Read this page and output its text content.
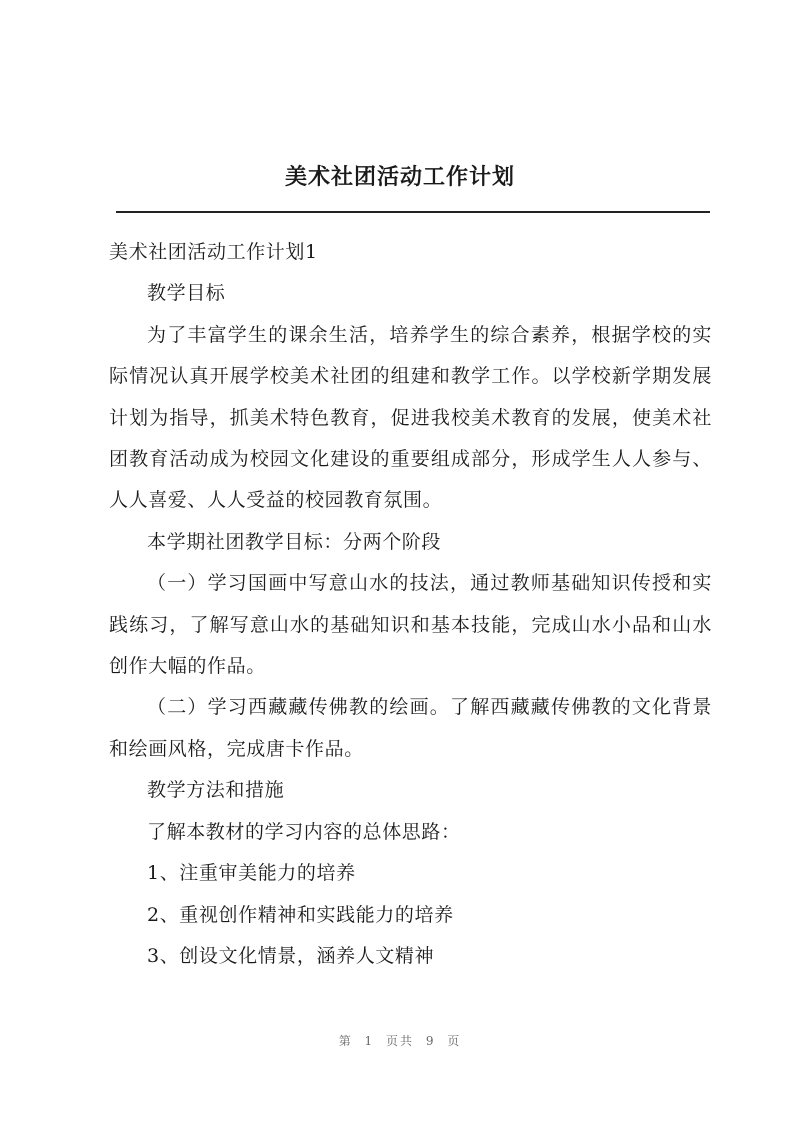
美术社团活动工作计划

美术社团活动工作计划1

教学目标

为了丰富学生的课余生活，培养学生的综合素养，根据学校的实际情况认真开展学校美术社团的组建和教学工作。以学校新学期发展计划为指导，抓美术特色教育，促进我校美术教育的发展，使美术社团教育活动成为校园文化建设的重要组成部分，形成学生人人参与、人人喜爱、人人受益的校园教育氛围。

本学期社团教学目标：分两个阶段

（一）学习国画中写意山水的技法，通过教师基础知识传授和实践练习，了解写意山水的基础知识和基本技能，完成山水小品和山水创作大幅的作品。

（二）学习西藏藏传佛教的绘画。了解西藏藏传佛教的文化背景和绘画风格，完成唐卡作品。

教学方法和措施

了解本教材的学习内容的总体思路：

1、注重审美能力的培养

2、重视创作精神和实践能力的培养

3、创设文化情景，涵养人文精神

第 1 页共 9 页
